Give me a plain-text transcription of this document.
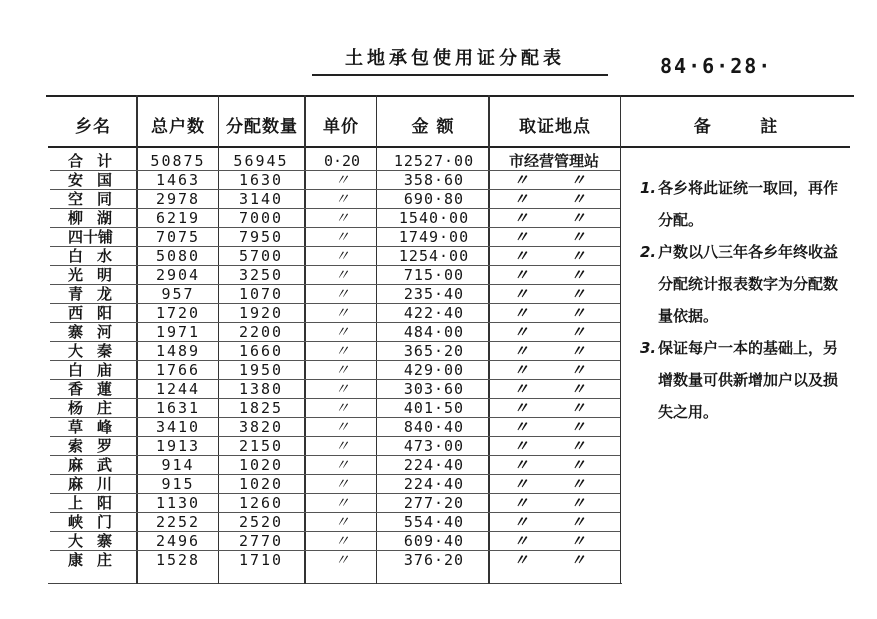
土地承包使用证分配表	84·6·28·
乡名	总户数	分配数量	单价	金 额	取证地点	备       註
合计	50875	56945	0·20	12527·00	市经营管理站
安国	1463	1630	〃	358·60	〃	〃
空同	2978	3140	〃	690·80	〃	〃
柳湖	6219	7000	〃	1540·00	〃	〃
四十铺	7075	7950	〃	1749·00	〃	〃
白水	5080	5700	〃	1254·00	〃	〃
光明	2904	3250	〃	715·00	〃	〃
青龙	957	1070	〃	235·40	〃	〃
西阳	1720	1920	〃	422·40	〃	〃
寨河	1971	2200	〃	484·00	〃	〃
大秦	1489	1660	〃	365·20	〃	〃
白庙	1766	1950	〃	429·00	〃	〃
香蓮	1244	1380	〃	303·60	〃	〃
杨庄	1631	1825	〃	401·50	〃	〃
草峰	3410	3820	〃	840·40	〃	〃
索罗	1913	2150	〃	473·00	〃	〃
麻武	914	1020	〃	224·40	〃	〃
麻川	915	1020	〃	224·40	〃	〃
上阳	1130	1260	〃	277·20	〃	〃
峡门	2252	2520	〃	554·40	〃	〃
大寨	2496	2770	〃	609·40	〃	〃
康庄	1528	1710	〃	376·20	〃	〃
1. 各乡将此证统一取回，再作分配。
2. 户数以八三年各乡年终收益分配统计报表数字为分配数量依据。
3. 保证每户一本的基础上，另增数量可供新增加户以及损失之用。
